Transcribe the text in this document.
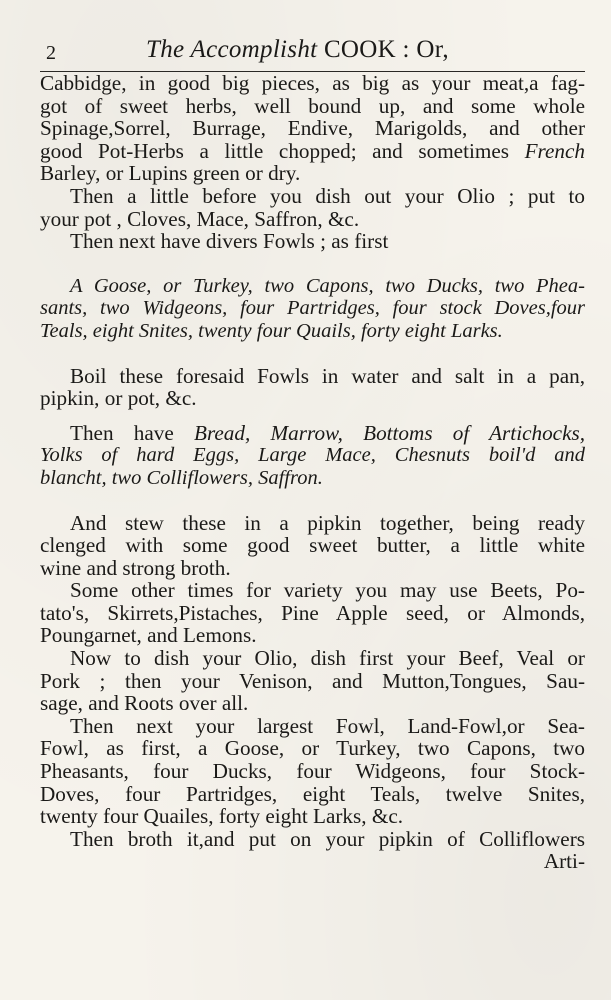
2	The Accomplisht COOK : Or,

Cabbidge, in good big pieces, as big as your meat,a fag-

got of sweet herbs, well bound up, and some whole

Spinage,Sorrel, Burrage, Endive, Marigolds, and other

good Pot-Herbs a little chopped; and sometimes French

Barley, or Lupins green or dry.

Then a little before you dish out your Olio ; put to

your pot , Cloves, Mace, Saffron, &c.

Then next have divers Fowls ; as first

A Goose, or Turkey, two Capons, two Ducks, two Phea-

sants, two Widgeons, four Partridges, four stock Doves,four

Teals, eight Snites, twenty four Quails, forty eight Larks.

Boil these foresaid Fowls in water and salt in a pan,

pipkin, or pot, &c.

Then have Bread, Marrow, Bottoms of Artichocks,

Yolks of hard Eggs, Large Mace, Chesnuts boil'd and

blancht, two Colliflowers, Saffron.

And stew these in a pipkin together, being ready

clenged with some good sweet butter, a little white

wine and strong broth.

Some other times for variety you may use Beets, Po-

tato's, Skirrets,Pistaches, Pine Apple seed, or Almonds,

Poungarnet, and Lemons.

Now to dish your Olio, dish first your Beef, Veal or

Pork ; then your Venison, and Mutton,Tongues, Sau-

sage, and Roots over all.

Then next your largest Fowl, Land-Fowl,or Sea-

Fowl, as first, a Goose, or Turkey, two Capons, two

Pheasants, four Ducks, four Widgeons, four Stock-

Doves, four Partridges, eight Teals, twelve Snites,

twenty four Quailes, forty eight Larks, &c.

Then broth it,and put on your pipkin of Colliflowers

Arti-
